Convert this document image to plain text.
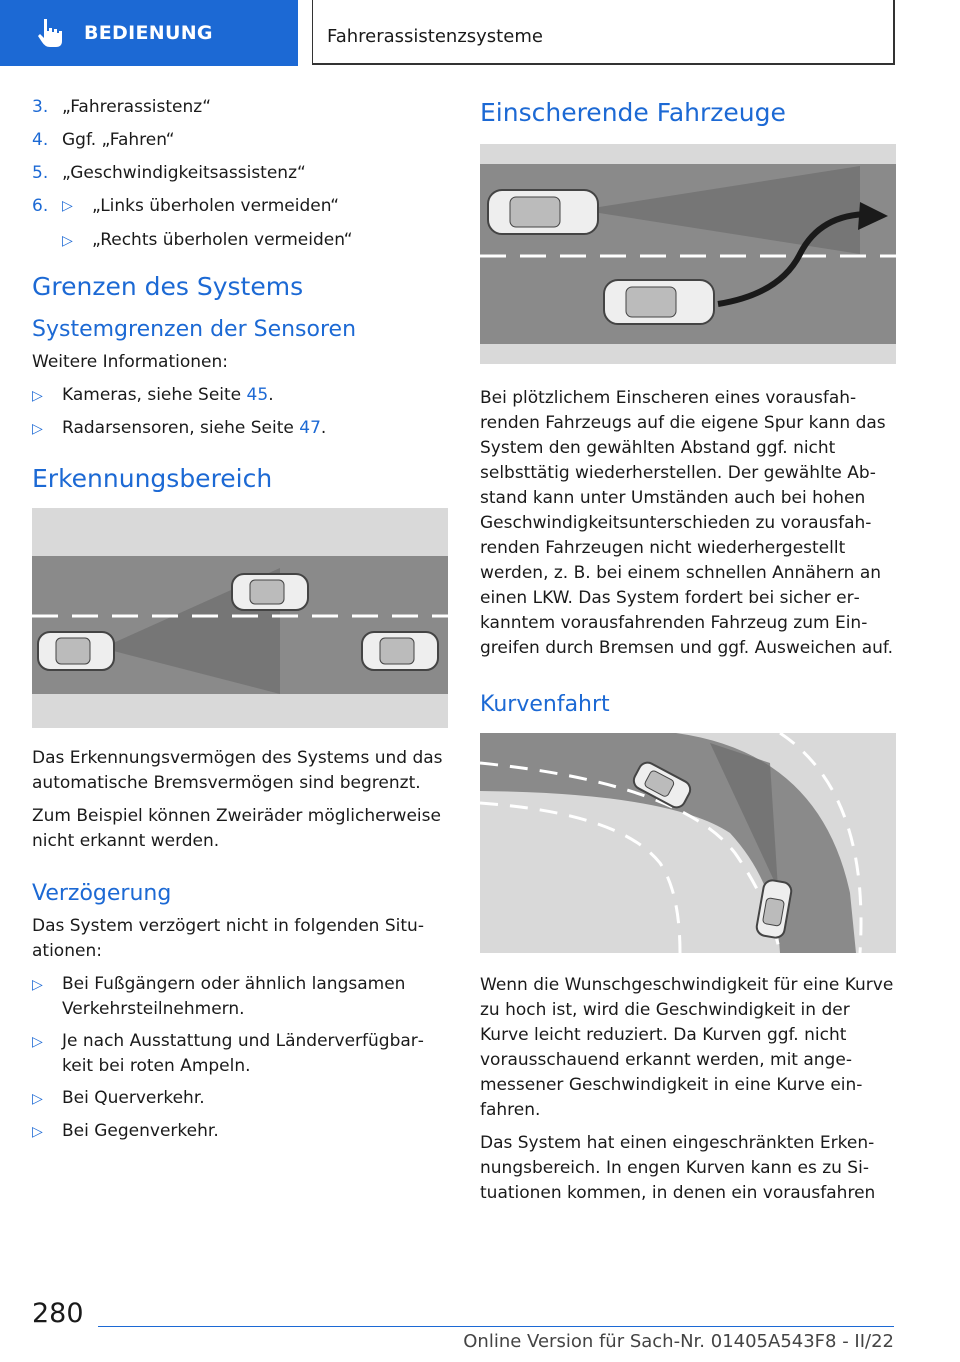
BEDIENUNG	Fahrerassistenzsysteme
3. „Fahrerassistenz“
4. Ggf. „Fahren“
5. „Geschwindigkeitsassistenz“
6. ▷	„Links überholen vermeiden“
▷	„Rechts überholen vermeiden“
Grenzen des Systems
Systemgrenzen der Sensoren

Weitere Informationen:

▷	Kameras, siehe Seite 45.
▷	Radarsensoren, siehe Seite 47.
Erkennungsbereich

Das Erkennungsvermögen des Systems und das automatische Bremsvermögen sind begrenzt.

Zum Beispiel können Zweiräder möglicherweise nicht erkannt werden.

Verzögerung

Das System verzögert nicht in folgenden Situationen:

▷	Bei Fußgängern oder ähnlich langsamen Verkehrsteilnehmern.
▷	Je nach Ausstattung und Länderverfügbarkeit bei roten Ampeln.
▷	Bei Querverkehr.
▷	Bei Gegenverkehr.
Einscherende Fahrzeuge

Bei plötzlichem Einscheren eines vorausfahrenden Fahrzeugs auf die eigene Spur kann das System den gewählten Abstand ggf. nicht selbsttätig wiederherstellen. Der gewählte Abstand kann unter Umständen auch bei hohen Geschwindigkeitsunterschieden zu vorausfahrenden Fahrzeugen nicht wiederhergestellt werden, z. B. bei einem schnellen Annähern an einen LKW. Das System fordert bei sicher erkanntem vorausfahrenden Fahrzeug zum Eingreifen durch Bremsen und ggf. Ausweichen auf.

Kurvenfahrt

Wenn die Wunschgeschwindigkeit für eine Kurve zu hoch ist, wird die Geschwindigkeit in der Kurve leicht reduziert. Da Kurven ggf. nicht vorausschauend erkannt werden, mit angemessener Geschwindigkeit in eine Kurve einfahren.

Das System hat einen eingeschränkten Erkennungsbereich. In engen Kurven kann es zu Situationen kommen, in denen ein vorausfahren

280
Online Version für Sach-Nr. 01405A543F8 - II/22
